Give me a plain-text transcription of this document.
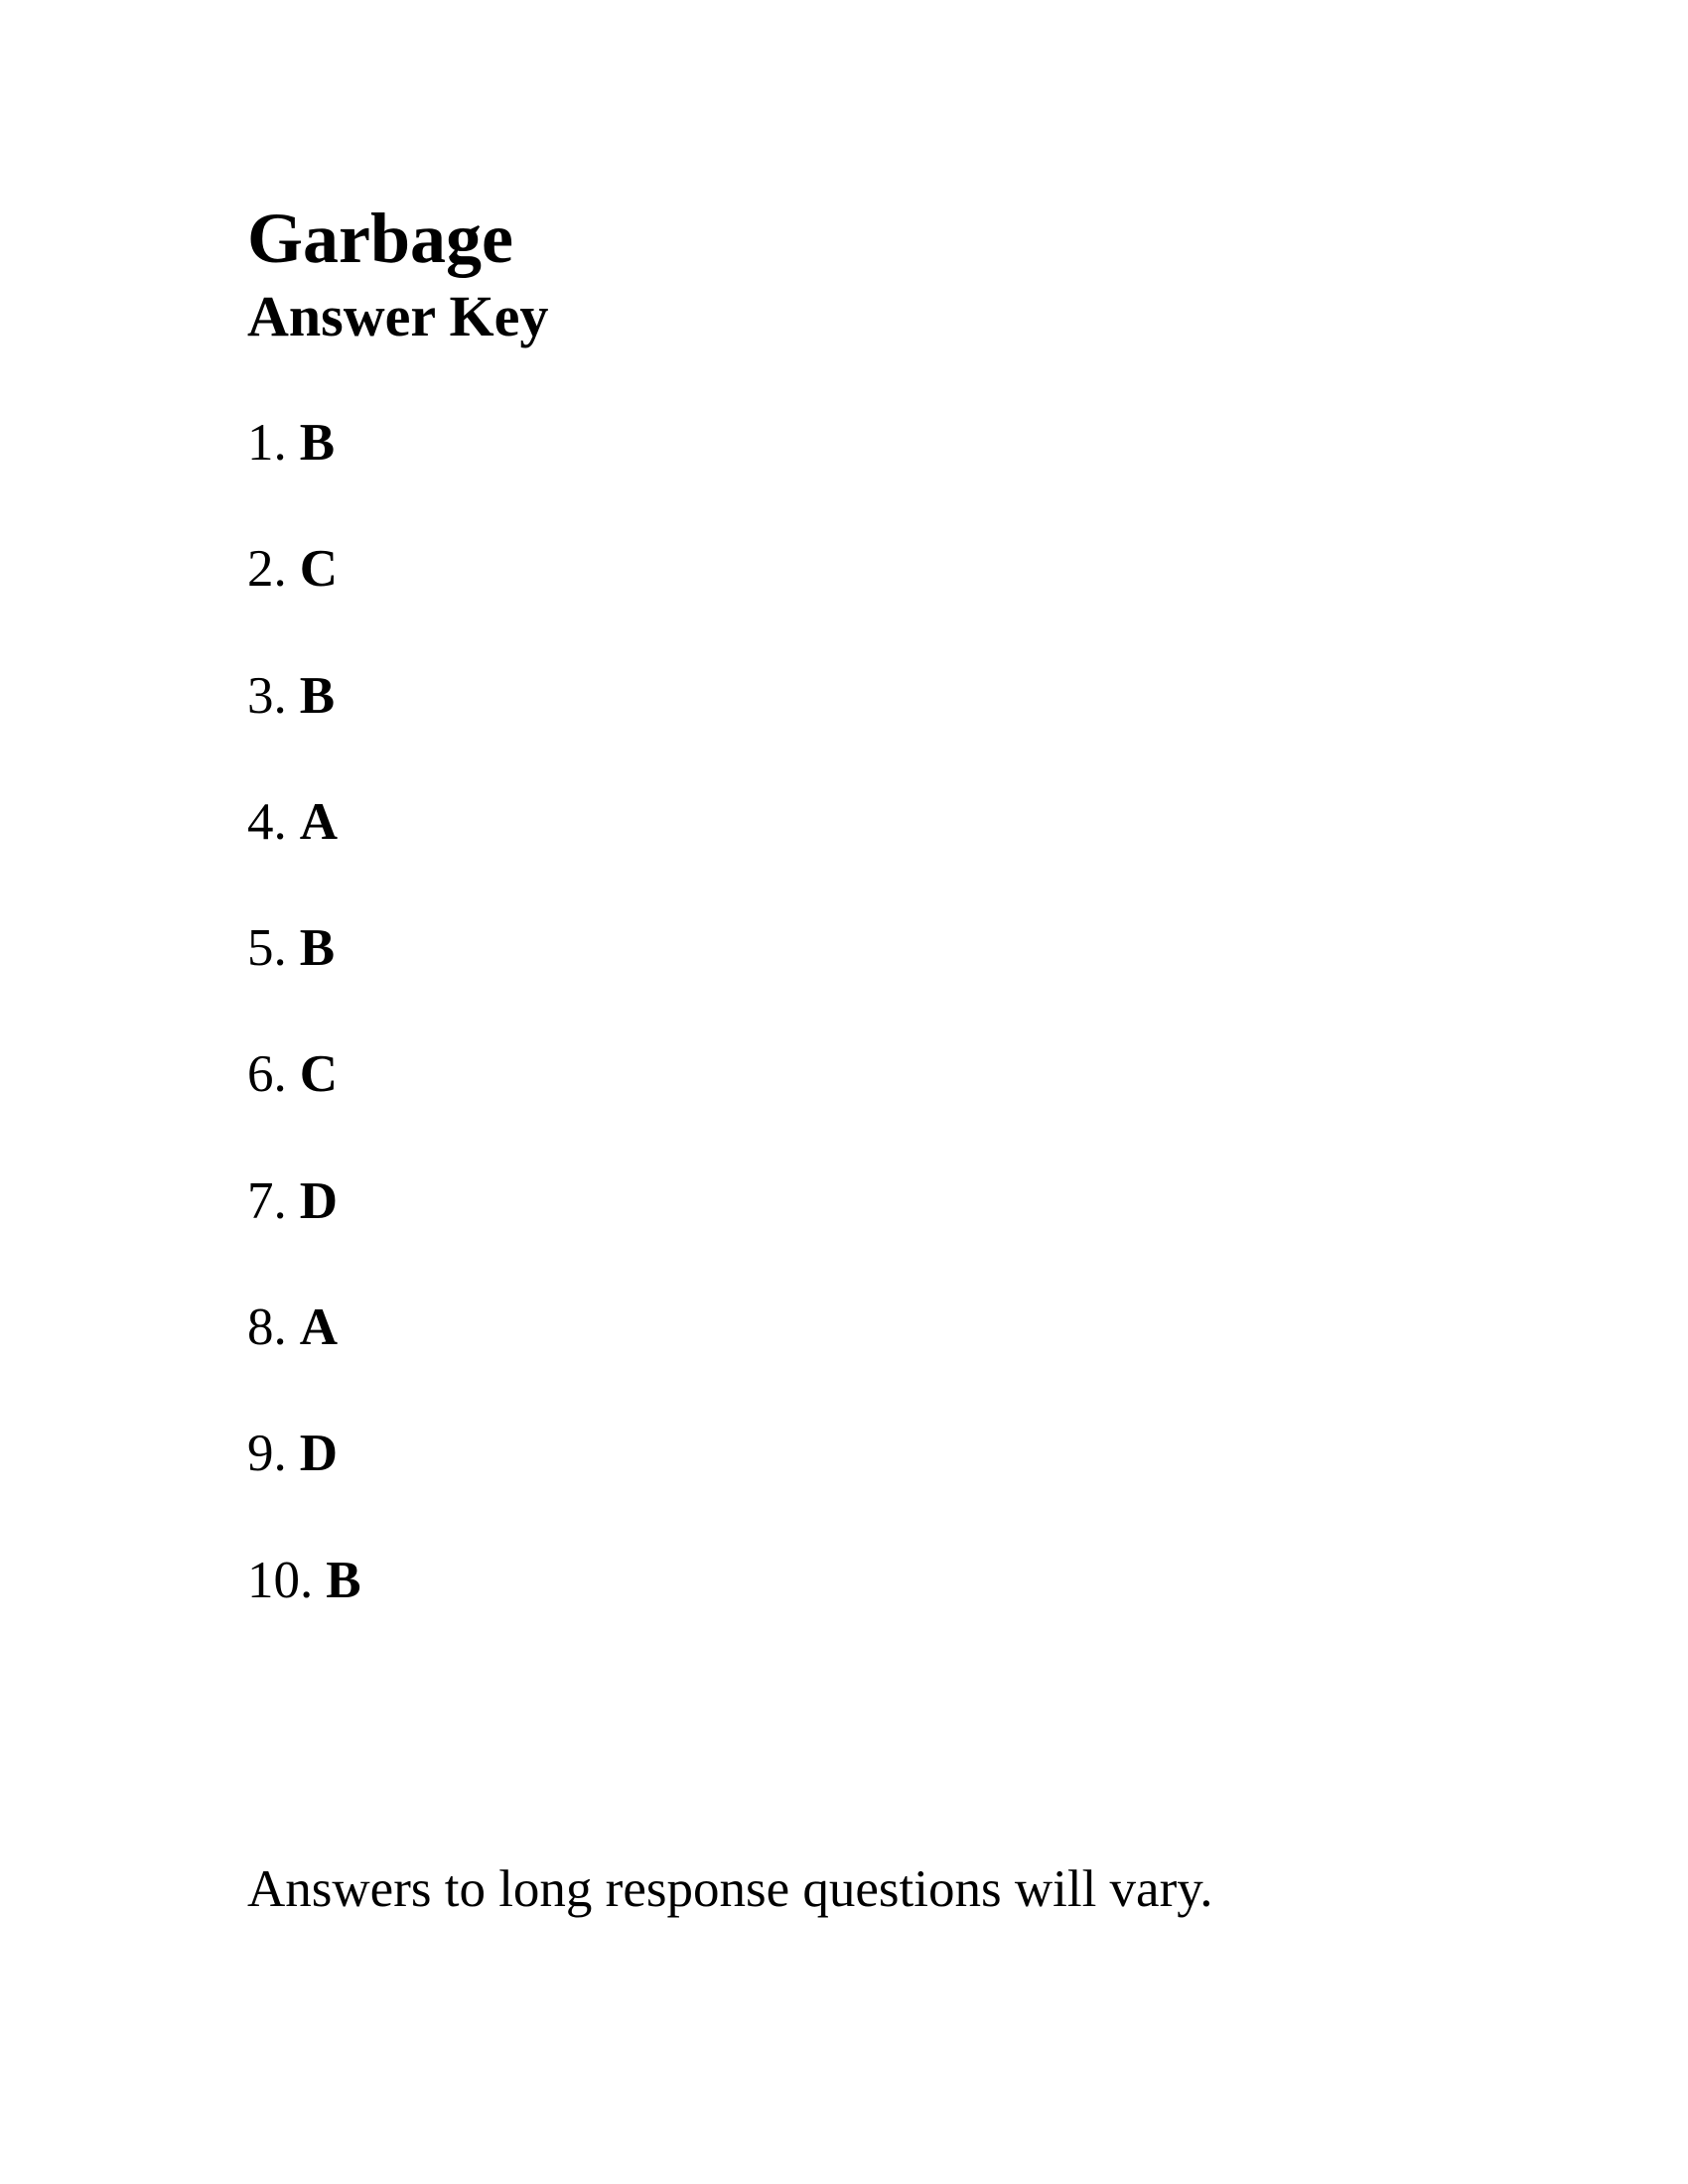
Garbage
Answer Key
1. B
2. C
3. B
4. A
5. B
6. C
7. D
8. A
9. D
10. B

Answers to long response questions will vary.
